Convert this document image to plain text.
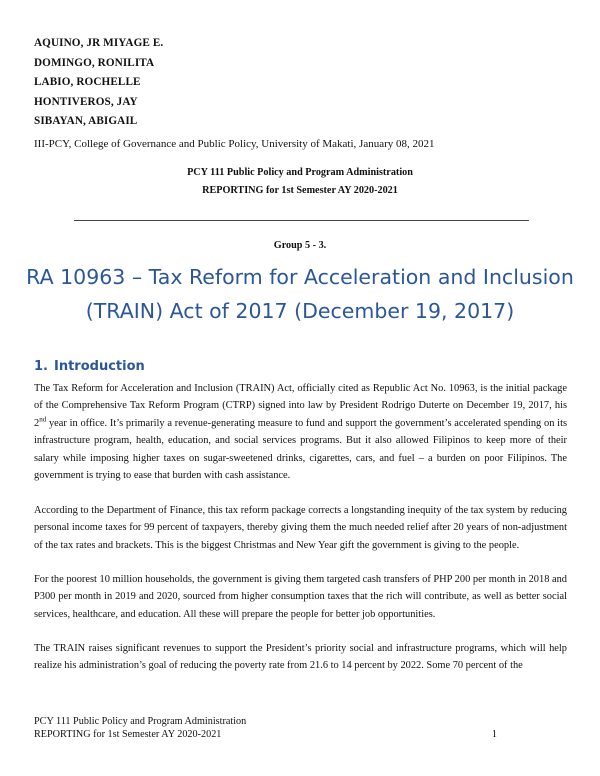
AQUINO, JR MIYAGE E.
DOMINGO, RONILITA
LABIO, ROCHELLE
HONTIVEROS, JAY
SIBAYAN, ABIGAIL
III-PCY, College of Governance and Public Policy, University of Makati, January 08, 2021
PCY 111 Public Policy and Program Administration
REPORTING for 1st Semester AY 2020-2021
Group 5 - 3.
RA 10963 – Tax Reform for Acceleration and Inclusion
(TRAIN) Act of 2017 (December 19, 2017)
1. Introduction

The Tax Reform for Acceleration and Inclusion (TRAIN) Act, officially cited as Republic Act No. 10963, is the initial package of the Comprehensive Tax Reform Program (CTRP) signed into law by President Rodrigo Duterte on December 19, 2017, his 2nd year in office. It’s primarily a revenue-generating measure to fund and support the government’s accelerated spending on its infrastructure program, health, education, and social services programs. But it also allowed Filipinos to keep more of their salary while imposing higher taxes on sugar-sweetened drinks, cigarettes, cars, and fuel – a burden on poor Filipinos. The government is trying to ease that burden with cash assistance.

According to the Department of Finance, this tax reform package corrects a longstanding inequity of the tax system by reducing personal income taxes for 99 percent of taxpayers, thereby giving them the much needed relief after 20 years of non-adjustment of the tax rates and brackets. This is the biggest Christmas and New Year gift the government is giving to the people.

For the poorest 10 million households, the government is giving them targeted cash transfers of PHP 200 per month in 2018 and P300 per month in 2019 and 2020, sourced from higher consumption taxes that the rich will contribute, as well as better social services, healthcare, and education. All these will prepare the people for better job opportunities.

The TRAIN raises significant revenues to support the President’s priority social and infrastructure programs, which will help realize his administration’s goal of reducing the poverty rate from 21.6 to 14 percent by 2022. Some 70 percent of the

PCY 111 Public Policy and Program Administration
REPORTING for 1st Semester AY 2020-2021	1
